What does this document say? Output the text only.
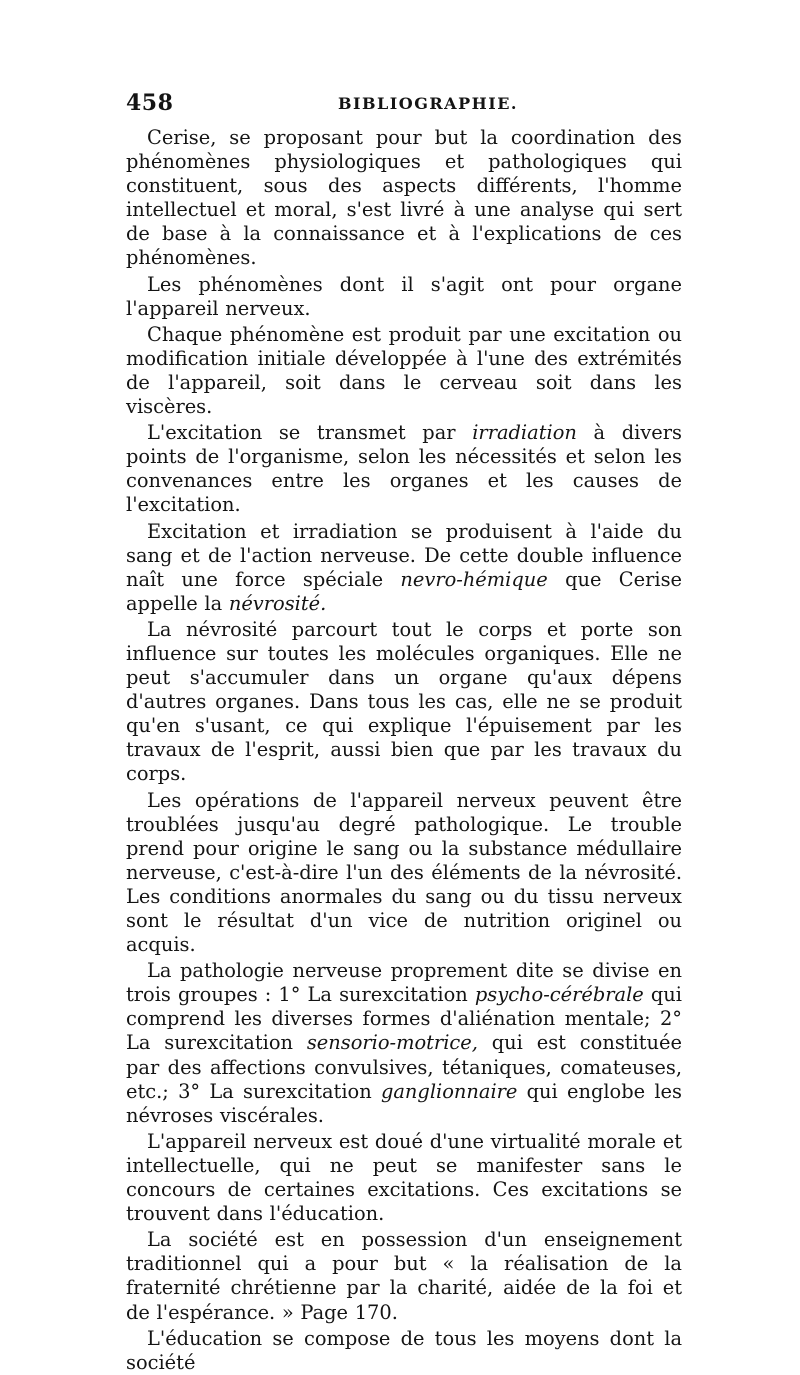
458	BIBLIOGRAPHIE.

Cerise, se proposant pour but la coordination des phénomènes physiologiques et pathologiques qui constituent, sous des aspects différents, l'homme intellectuel et moral, s'est livré à une analyse qui sert de base à la connaissance et à l'explications de ces phénomènes.

Les phénomènes dont il s'agit ont pour organe l'appareil nerveux.

Chaque phénomène est produit par une excitation ou modification initiale développée à l'une des extrémités de l'appareil, soit dans le cerveau soit dans les viscères.

L'excitation se transmet par irradiation à divers points de l'organisme, selon les nécessités et selon les convenances entre les organes et les causes de l'excitation.

Excitation et irradiation se produisent à l'aide du sang et de l'action nerveuse. De cette double influence naît une force spéciale nevro-hémique que Cerise appelle la névrosité.

La névrosité parcourt tout le corps et porte son influence sur toutes les molécules organiques. Elle ne peut s'accumuler dans un organe qu'aux dépens d'autres organes. Dans tous les cas, elle ne se produit qu'en s'usant, ce qui explique l'épuisement par les travaux de l'esprit, aussi bien que par les travaux du corps.

Les opérations de l'appareil nerveux peuvent être troublées jusqu'au degré pathologique. Le trouble prend pour origine le sang ou la substance médullaire nerveuse, c'est-à-dire l'un des éléments de la névrosité. Les conditions anormales du sang ou du tissu nerveux sont le résultat d'un vice de nutrition originel ou acquis.

La pathologie nerveuse proprement dite se divise en trois groupes : 1° La surexcitation psycho-cérébrale qui comprend les diverses formes d'aliénation mentale; 2° La surexcitation sensorio-motrice, qui est constituée par des affections convulsives, tétaniques, comateuses, etc.; 3° La surexcitation ganglionnaire qui englobe les névroses viscérales.

L'appareil nerveux est doué d'une virtualité morale et intellectuelle, qui ne peut se manifester sans le concours de certaines excitations. Ces excitations se trouvent dans l'éducation.

La société est en possession d'un enseignement traditionnel qui a pour but « la réalisation de la fraternité chrétienne par la charité, aidée de la foi et de l'espérance. » Page 170.

L'éducation se compose de tous les moyens dont la société
